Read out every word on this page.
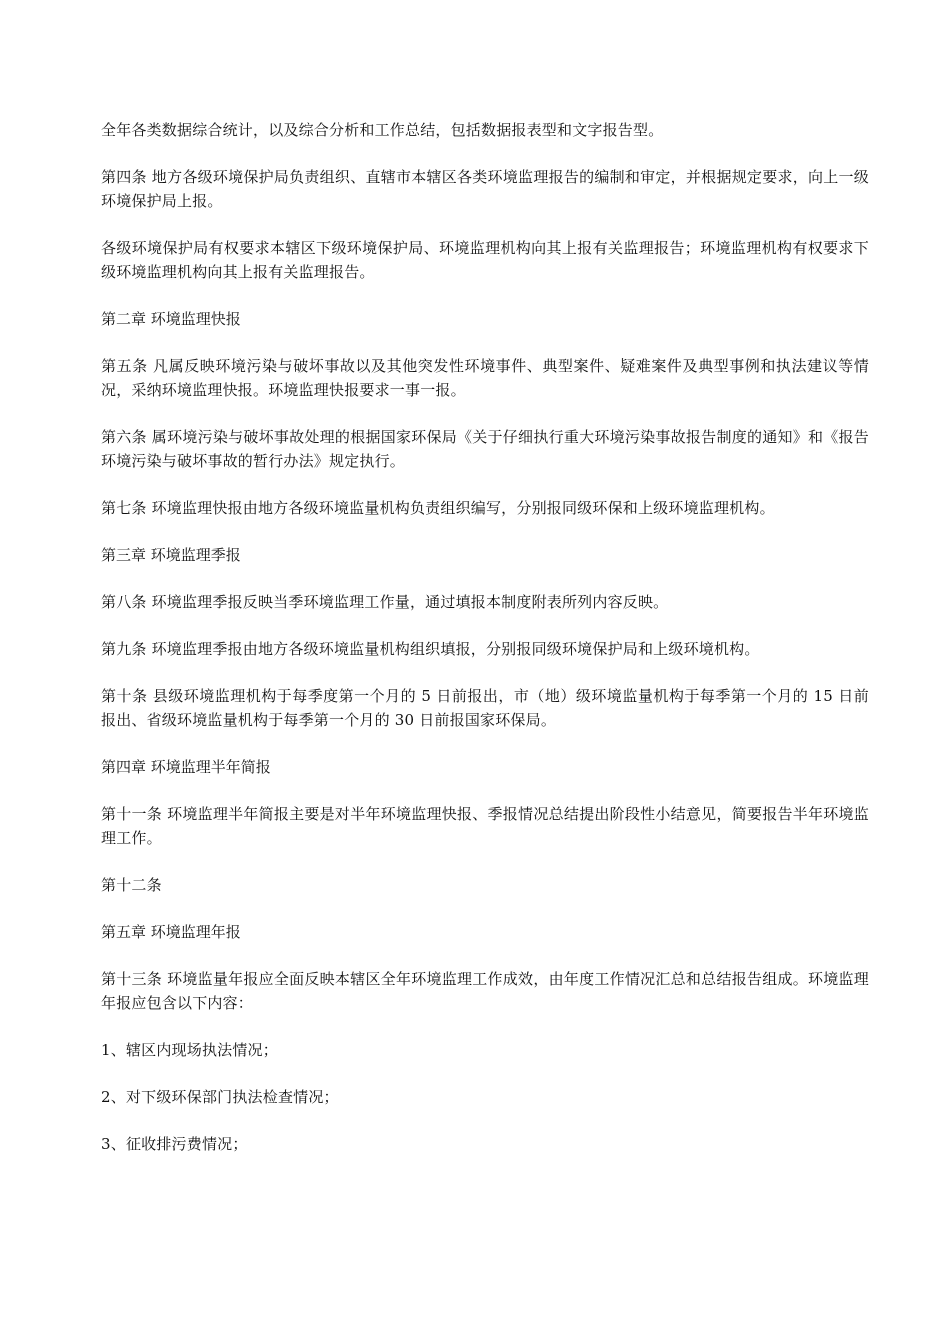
全年各类数据综合统计，以及综合分析和工作总结，包括数据报表型和文字报告型。

第四条 地方各级环境保护局负责组织、直辖市本辖区各类环境监理报告的编制和审定，并根据规定要求，向上一级环境保护局上报。

各级环境保护局有权要求本辖区下级环境保护局、环境监理机构向其上报有关监理报告；环境监理机构有权要求下级环境监理机构向其上报有关监理报告。

第二章 环境监理快报

第五条 凡属反映环境污染与破坏事故以及其他突发性环境事件、典型案件、疑难案件及典型事例和执法建议等情况，采纳环境监理快报。环境监理快报要求一事一报。

第六条 属环境污染与破坏事故处理的根据国家环保局《关于仔细执行重大环境污染事故报告制度的通知》和《报告环境污染与破坏事故的暂行办法》规定执行。

第七条 环境监理快报由地方各级环境监量机构负责组织编写，分别报同级环保和上级环境监理机构。

第三章 环境监理季报

第八条 环境监理季报反映当季环境监理工作量，通过填报本制度附表所列内容反映。

第九条 环境监理季报由地方各级环境监量机构组织填报，分别报同级环境保护局和上级环境机构。

第十条 县级环境监理机构于每季度第一个月的 5 日前报出，市（地）级环境监量机构于每季第一个月的 15 日前报出、省级环境监量机构于每季第一个月的 30 日前报国家环保局。

第四章 环境监理半年简报

第十一条 环境监理半年简报主要是对半年环境监理快报、季报情况总结提出阶段性小结意见，简要报告半年环境监理工作。

第十二条

第五章 环境监理年报

第十三条 环境监量年报应全面反映本辖区全年环境监理工作成效，由年度工作情况汇总和总结报告组成。环境监理年报应包含以下内容：

1、辖区内现场执法情况；

2、对下级环保部门执法检查情况；

3、征收排污费情况；
